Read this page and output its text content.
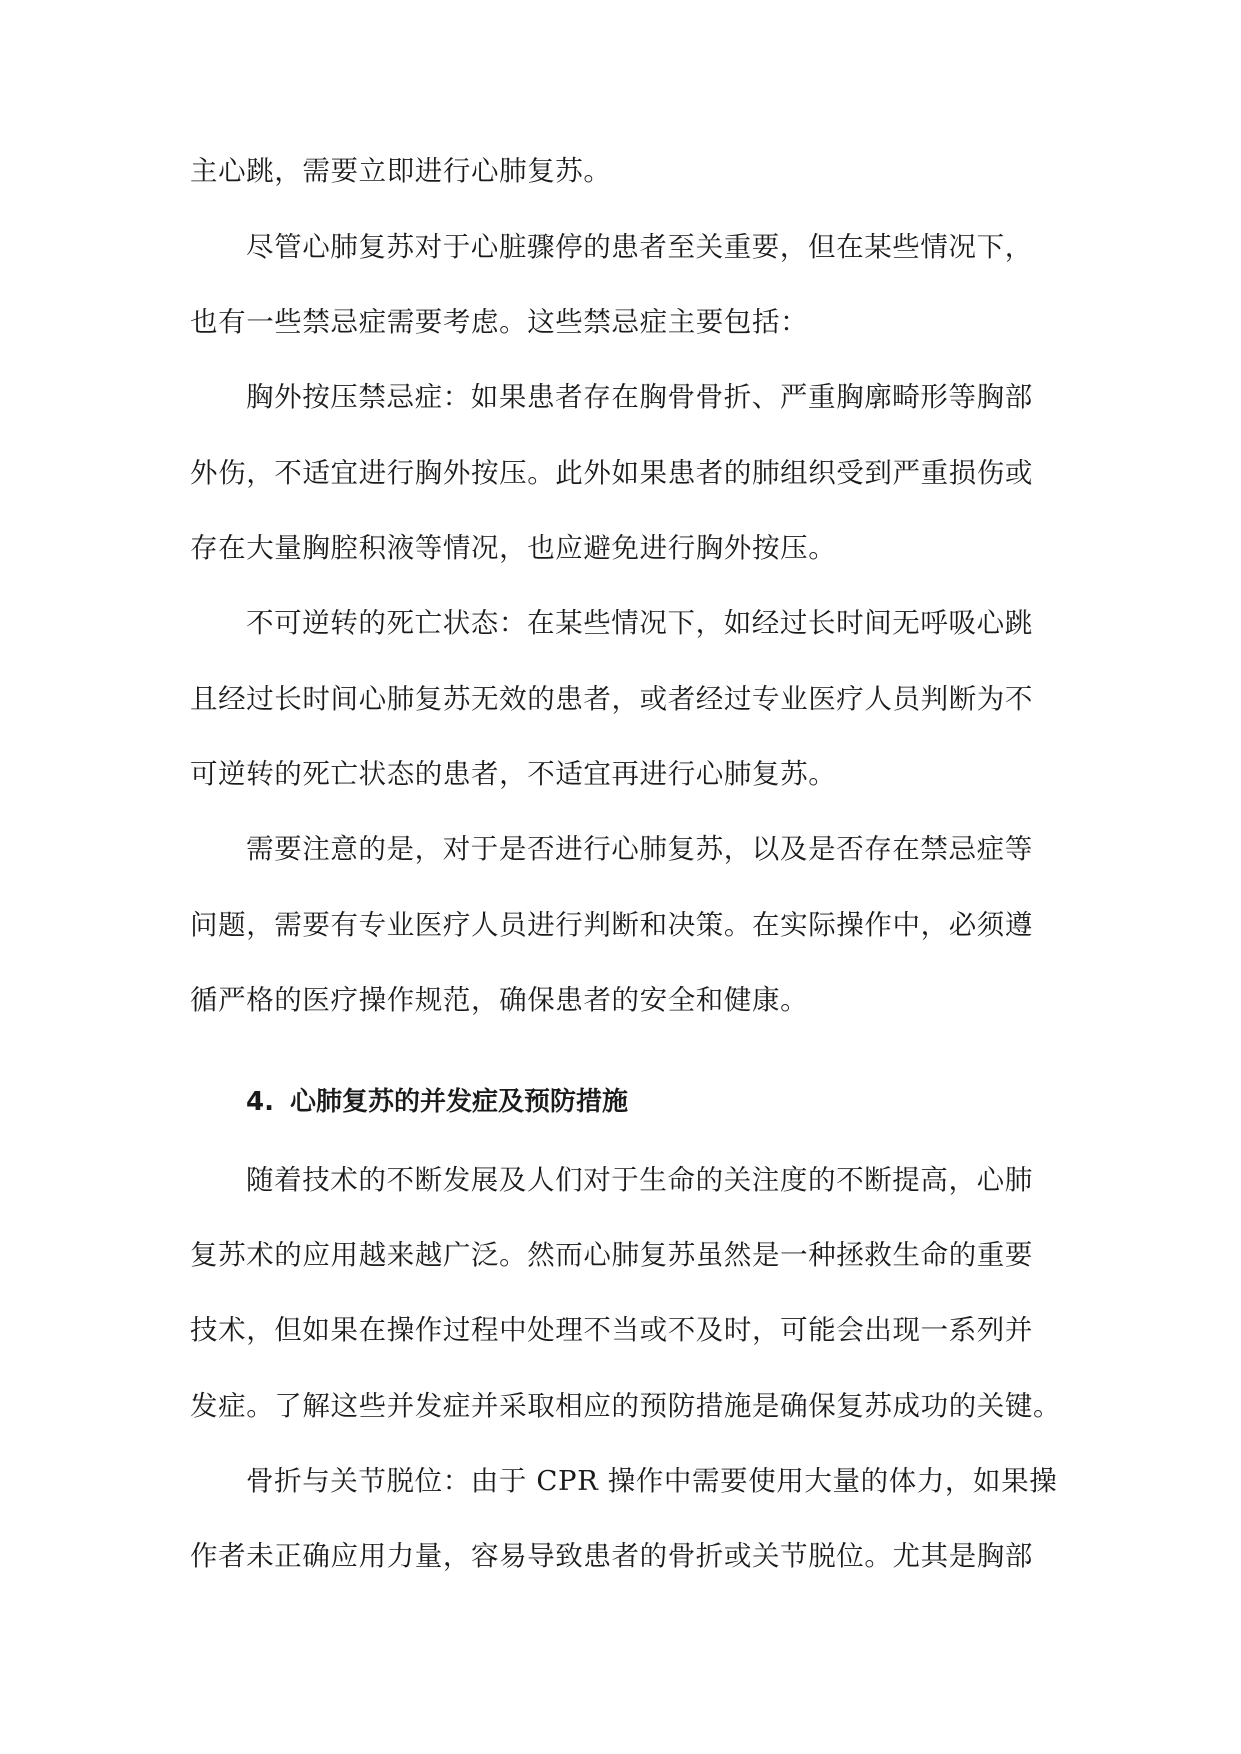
主心跳，需要立即进行心肺复苏。
尽管心肺复苏对于心脏骤停的患者至关重要，但在某些情况下，
也有一些禁忌症需要考虑。这些禁忌症主要包括：
胸外按压禁忌症：如果患者存在胸骨骨折、严重胸廓畸形等胸部
外伤，不适宜进行胸外按压。此外如果患者的肺组织受到严重损伤或
存在大量胸腔积液等情况，也应避免进行胸外按压。
不可逆转的死亡状态：在某些情况下，如经过长时间无呼吸心跳
且经过长时间心肺复苏无效的患者，或者经过专业医疗人员判断为不
可逆转的死亡状态的患者，不适宜再进行心肺复苏。
需要注意的是，对于是否进行心肺复苏，以及是否存在禁忌症等
问题，需要有专业医疗人员进行判断和决策。在实际操作中，必须遵
循严格的医疗操作规范，确保患者的安全和健康。
4. 心肺复苏的并发症及预防措施
随着技术的不断发展及人们对于生命的关注度的不断提高，心肺
复苏术的应用越来越广泛。然而心肺复苏虽然是一种拯救生命的重要
技术，但如果在操作过程中处理不当或不及时，可能会出现一系列并
发症。了解这些并发症并采取相应的预防措施是确保复苏成功的关键。
骨折与关节脱位：由于 CPR 操作中需要使用大量的体力，如果操
作者未正确应用力量，容易导致患者的骨折或关节脱位。尤其是胸部
